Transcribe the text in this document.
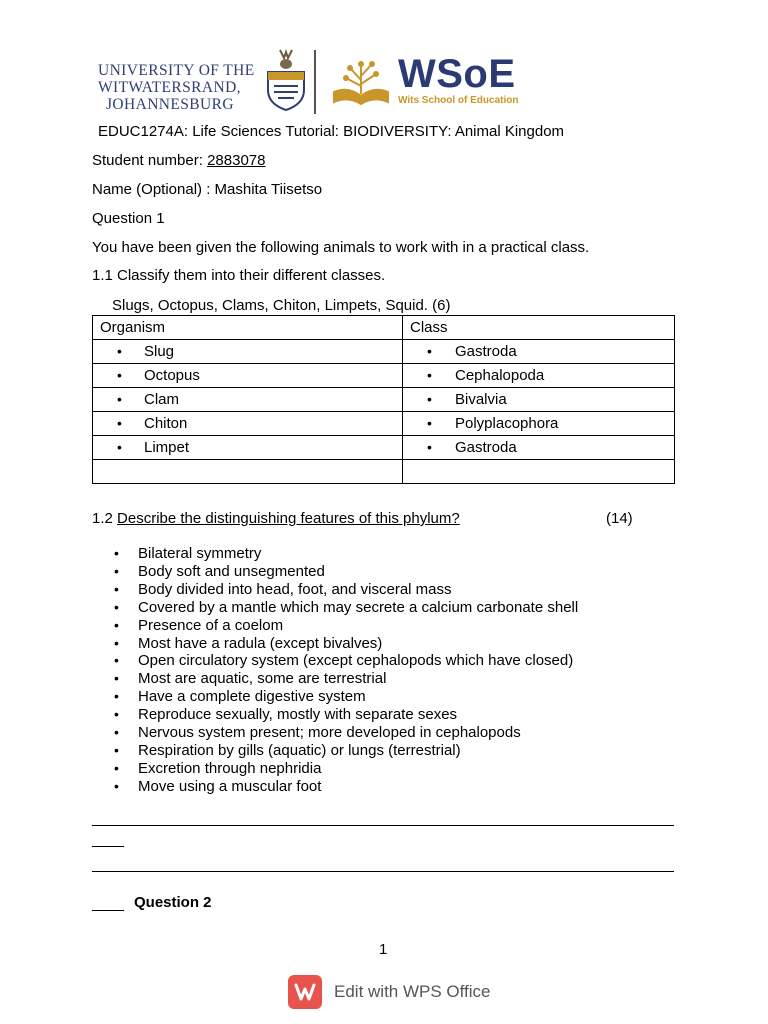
UNIVERSITY OF THE
WITWATERSRAND,
JOHANNESBURG
WSoE
Wits School of Education
EDUC1274A: Life Sciences Tutorial: BIODIVERSITY: Animal Kingdom
Student number: 2883078
Name (Optional) : Mashita Tiisetso
Question 1
You have been given the following animals to work with in a practical class.
1.1 Classify them into their different classes.
Slugs, Octopus, Clams, Chiton, Limpets, Squid. (6)
Organism	Class
• Slug	• Gastroda
• Octopus	• Cephalopoda
• Clam	• Bivalvia
• Chiton	• Polyplacophora
• Limpet	• Gastroda

1.2 Describe the distinguishing features of this phylum?	(14)
• Bilateral symmetry
• Body soft and unsegmented
• Body divided into head, foot, and visceral mass
• Covered by a mantle which may secrete a calcium carbonate shell
• Presence of a coelom
• Most have a radula (except bivalves)
• Open circulatory system (except cephalopods which have closed)
• Most are aquatic, some are terrestrial
• Have a complete digestive system
• Reproduce sexually, mostly with separate sexes
• Nervous system present; more developed in cephalopods
• Respiration by gills (aquatic) or lungs (terrestrial)
• Excretion through nephridia
• Move using a muscular foot
Question 2
1
Edit with WPS Office
